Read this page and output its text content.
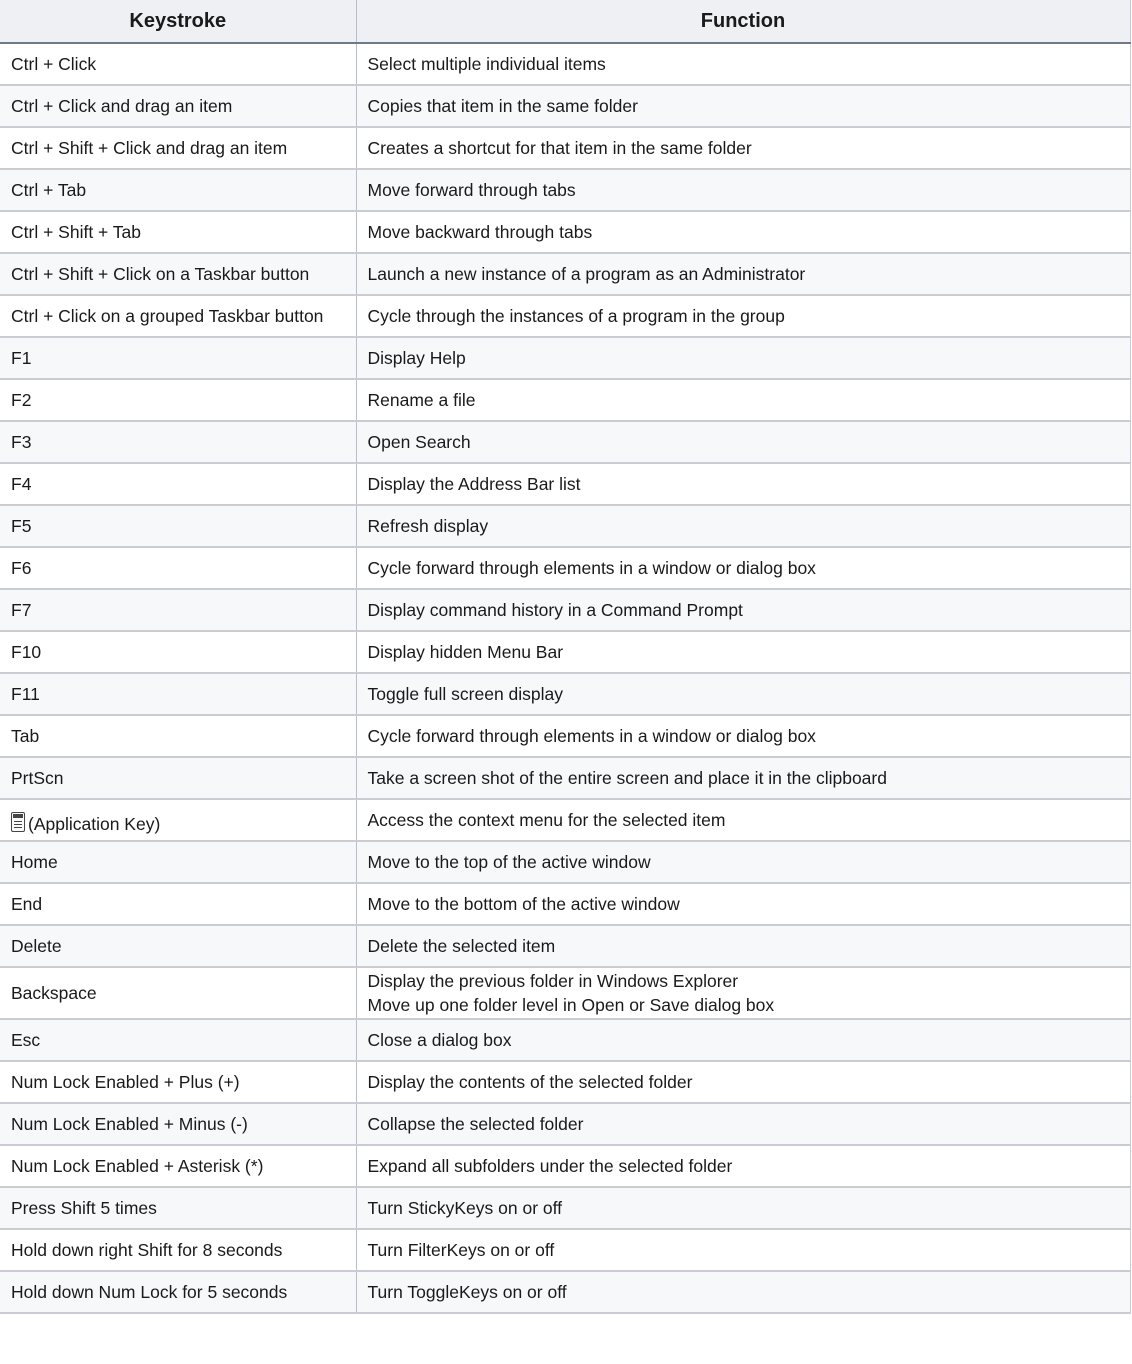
Keystroke	Function
Ctrl + Click	Select multiple individual items
Ctrl + Click and drag an item	Copies that item in the same folder
Ctrl + Shift + Click and drag an item	Creates a shortcut for that item in the same folder
Ctrl + Tab	Move forward through tabs
Ctrl + Shift + Tab	Move backward through tabs
Ctrl + Shift + Click on a Taskbar button	Launch a new instance of a program as an Administrator
Ctrl + Click on a grouped Taskbar button	Cycle through the instances of a program in the group
F1	Display Help
F2	Rename a file
F3	Open Search
F4	Display the Address Bar list
F5	Refresh display
F6	Cycle forward through elements in a window or dialog box
F7	Display command history in a Command Prompt
F10	Display hidden Menu Bar
F11	Toggle full screen display
Tab	Cycle forward through elements in a window or dialog box
PrtScn	Take a screen shot of the entire screen and place it in the clipboard
(Application Key)	Access the context menu for the selected item
Home	Move to the top of the active window
End	Move to the bottom of the active window
Delete	Delete the selected item
Backspace	Display the previous folder in Windows Explorer
Move up one folder level in Open or Save dialog box

Esc	Close a dialog box
Num Lock Enabled + Plus (+)	Display the contents of the selected folder
Num Lock Enabled + Minus (-)	Collapse the selected folder
Num Lock Enabled + Asterisk (*)	Expand all subfolders under the selected folder
Press Shift 5 times	Turn StickyKeys on or off
Hold down right Shift for 8 seconds	Turn FilterKeys on or off
Hold down Num Lock for 5 seconds	Turn ToggleKeys on or off
